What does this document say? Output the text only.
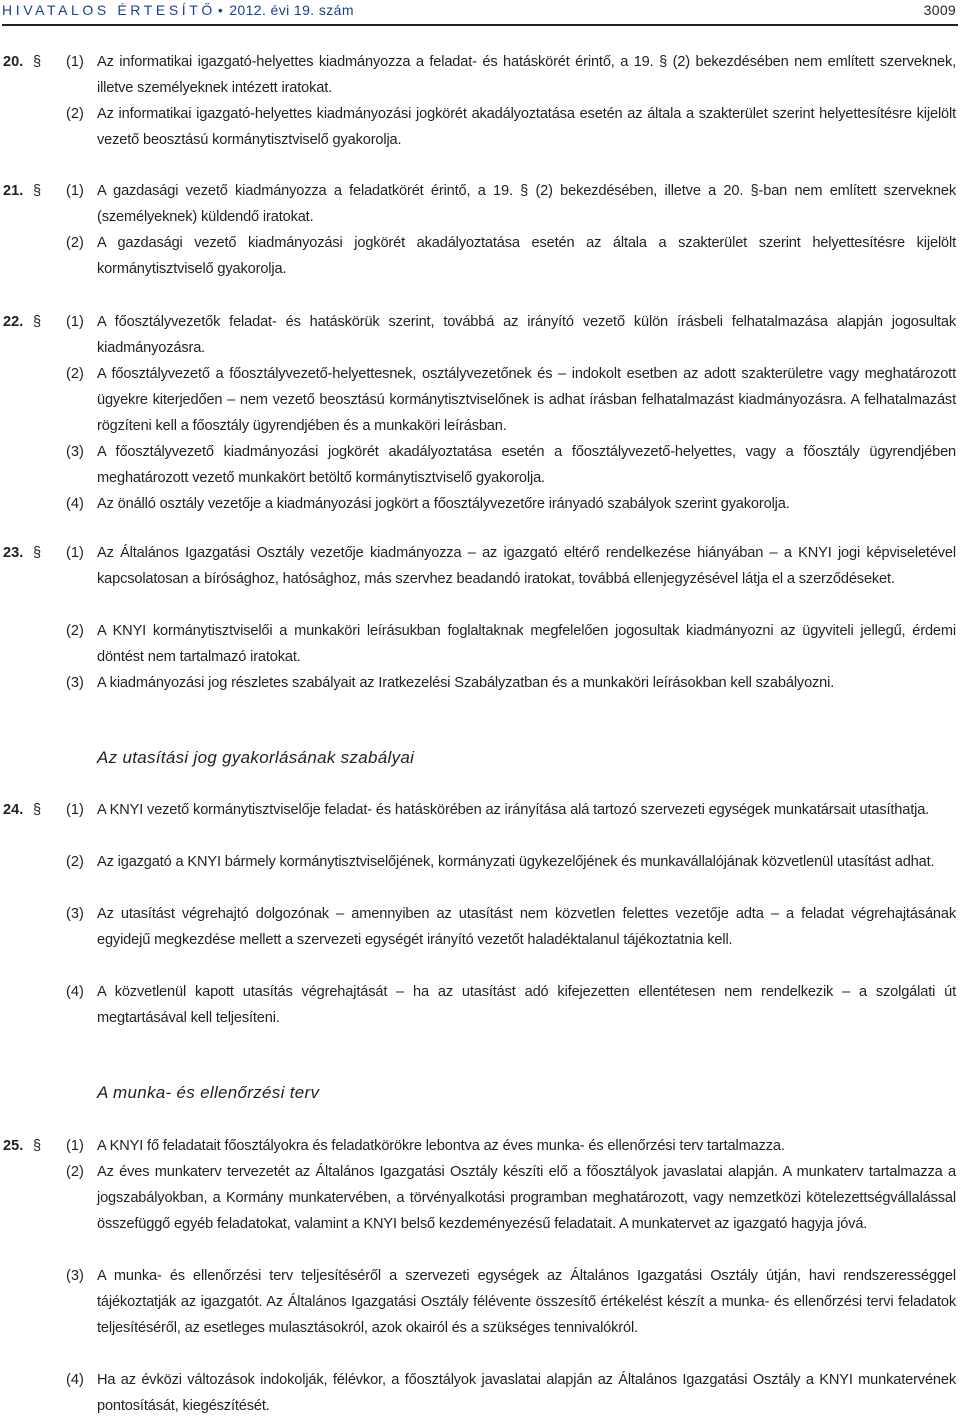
HIVATALOS ÉRTESÍTŐ • 2012. évi 19. szám	3009
20. § (1) Az informatikai igazgató-helyettes kiadmányozza a feladat- és hatáskörét érintő, a 19. § (2) bekezdésében nem említett szerveknek, illetve személyeknek intézett iratokat.
(2) Az informatikai igazgató-helyettes kiadmányozási jogkörét akadályoztatása esetén az általa a szakterület szerint helyettesítésre kijelölt vezető beosztású kormánytisztviselő gyakorolja.
21. § (1) A gazdasági vezető kiadmányozza a feladatkörét érintő, a 19. § (2) bekezdésében, illetve a 20. §-ban nem említett szerveknek (személyeknek) küldendő iratokat.
(2) A gazdasági vezető kiadmányozási jogkörét akadályoztatása esetén az általa a szakterület szerint helyettesítésre kijelölt kormánytisztviselő gyakorolja.
22. § (1) A főosztályvezetők feladat- és hatáskörük szerint, továbbá az irányító vezető külön írásbeli felhatalmazása alapján jogosultak kiadmányozásra.
(2) A főosztályvezető a főosztályvezető-helyettesnek, osztályvezetőnek és – indokolt esetben az adott szakterületre vagy meghatározott ügyekre kiterjedően – nem vezető beosztású kormánytisztviselőnek is adhat írásban felhatalmazást kiadmányozásra. A felhatalmazást rögzíteni kell a főosztály ügyrendjében és a munkaköri leírásban.
(3) A főosztályvezető kiadmányozási jogkörét akadályoztatása esetén a főosztályvezető-helyettes, vagy a főosztály ügyrendjében meghatározott vezető munkakört betöltő kormánytisztviselő gyakorolja.
(4) Az önálló osztály vezetője a kiadmányozási jogkört a főosztályvezetőre irányadó szabályok szerint gyakorolja.
23. § (1) Az Általános Igazgatási Osztály vezetője kiadmányozza – az igazgató eltérő rendelkezése hiányában – a KNYI jogi képviseletével kapcsolatosan a bírósághoz, hatósághoz, más szervhez beadandó iratokat, továbbá ellenjegyzésével látja el a szerződéseket.
(2) A KNYI kormánytisztviselői a munkaköri leírásukban foglaltaknak megfelelően jogosultak kiadmányozni az ügyviteli jellegű, érdemi döntést nem tartalmazó iratokat.
(3) A kiadmányozási jog részletes szabályait az Iratkezelési Szabályzatban és a munkaköri leírásokban kell szabályozni.
Az utasítási jog gyakorlásának szabályai
24. § (1) A KNYI vezető kormánytisztviselője feladat- és hatáskörében az irányítása alá tartozó szervezeti egységek munkatársait utasíthatja.
(2) Az igazgató a KNYI bármely kormánytisztviselőjének, kormányzati ügykezelőjének és munkavállalójának közvetlenül utasítást adhat.
(3) Az utasítást végrehajtó dolgozónak – amennyiben az utasítást nem közvetlen felettes vezetője adta – a feladat végrehajtásának egyidejű megkezdése mellett a szervezeti egységét irányító vezetőt haladéktalanul tájékoztatnia kell.
(4) A közvetlenül kapott utasítás végrehajtását – ha az utasítást adó kifejezetten ellentétesen nem rendelkezik – a szolgálati út megtartásával kell teljesíteni.
A munka- és ellenőrzési terv
25. § (1) A KNYI fő feladatait főosztályokra és feladatkörökre lebontva az éves munka- és ellenőrzési terv tartalmazza.
(2) Az éves munkaterv tervezetét az Általános Igazgatási Osztály készíti elő a főosztályok javaslatai alapján. A munkaterv tartalmazza a jogszabályokban, a Kormány munkatervében, a törvényalkotási programban meghatározott, vagy nemzetközi kötelezettségvállalással összefüggő egyéb feladatokat, valamint a KNYI belső kezdeményezésű feladatait. A munkatervet az igazgató hagyja jóvá.
(3) A munka- és ellenőrzési terv teljesítéséről a szervezeti egységek az Általános Igazgatási Osztály útján, havi rendszerességgel tájékoztatják az igazgatót. Az Általános Igazgatási Osztály félévente összesítő értékelést készít a munka- és ellenőrzési tervi feladatok teljesítéséről, az esetleges mulasztásokról, azok okairól és a szükséges tennivalókról.
(4) Ha az évközi változások indokolják, félévkor, a főosztályok javaslatai alapján az Általános Igazgatási Osztály a KNYI munkatervének pontosítását, kiegészítését.
